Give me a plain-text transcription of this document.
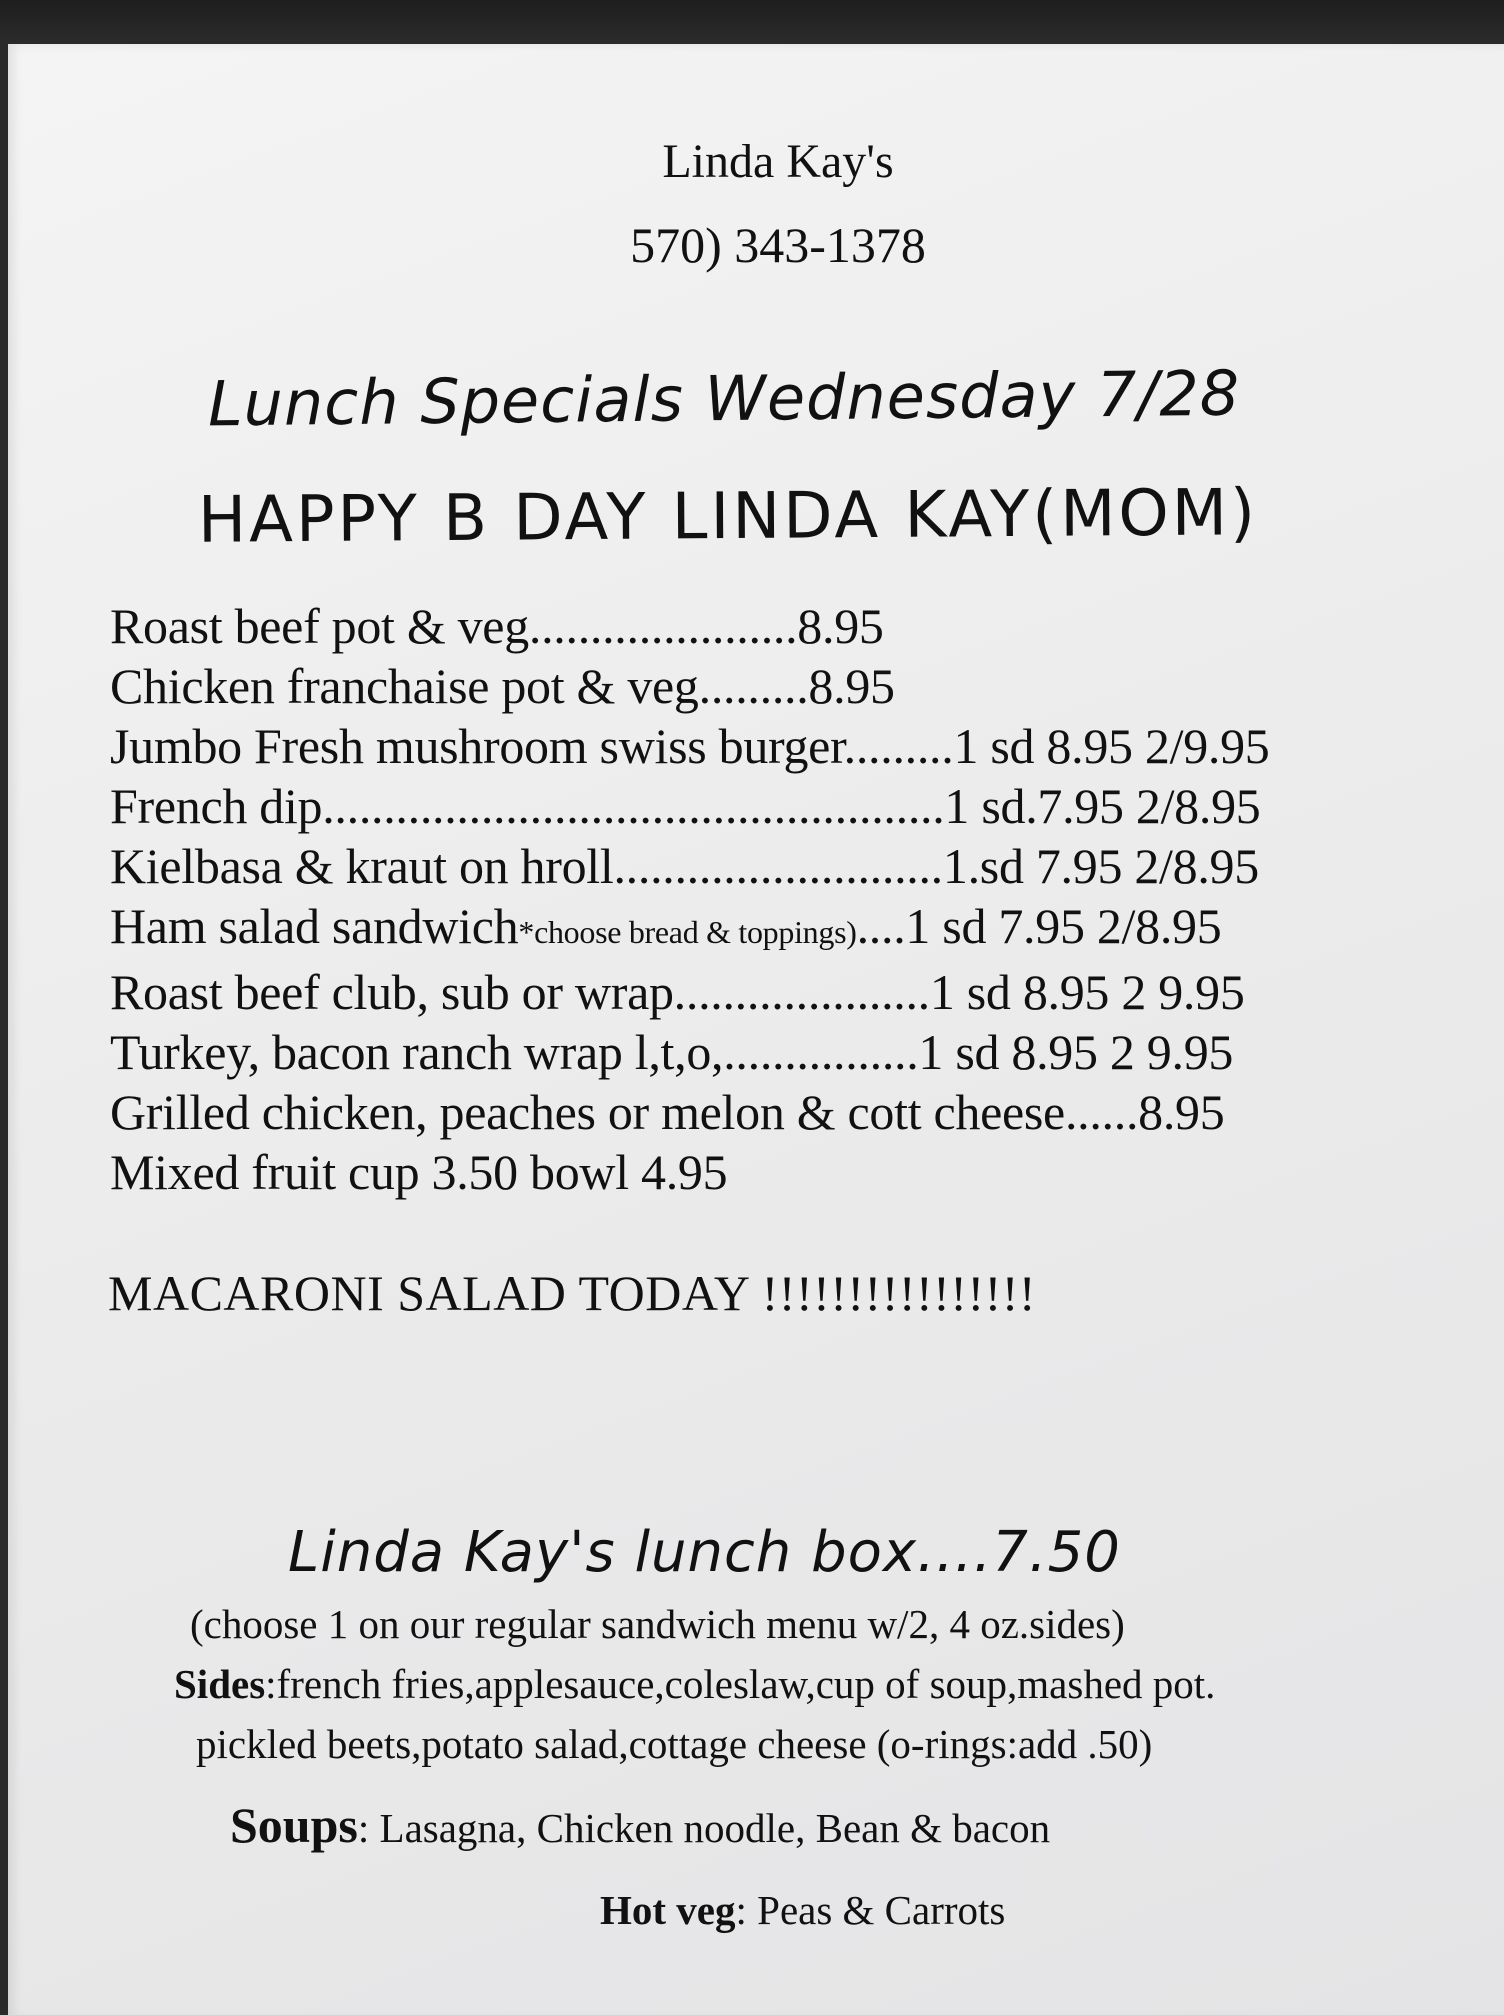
Linda Kay's
570) 343-1378
Lunch Specials Wednesday 7/28
HAPPY B DAY LINDA KAY(MOM)
Roast beef pot & veg......................8.95
Chicken franchaise pot & veg.........8.95
Jumbo Fresh mushroom swiss burger.........1 sd 8.95 2/9.95
French dip...................................................1 sd.7.95 2/8.95
Kielbasa & kraut on hroll...........................1.sd 7.95 2/8.95
Ham salad sandwich*choose bread & toppings)....1 sd 7.95 2/8.95
Roast beef club, sub or wrap.....................1 sd 8.95 2 9.95
Turkey, bacon ranch wrap l,t,o,................1 sd 8.95 2 9.95
Grilled chicken, peaches or melon & cott cheese......8.95
Mixed fruit cup 3.50 bowl 4.95
MACARONI SALAD TODAY !!!!!!!!!!!!!!!!
Linda Kay's lunch box....7.50
(choose 1 on our regular sandwich menu w/2, 4 oz.sides)
Sides:french fries,applesauce,coleslaw,cup of soup,mashed pot.
pickled beets,potato salad,cottage cheese (o-rings:add .50)
Soups: Lasagna, Chicken noodle, Bean & bacon
Hot veg: Peas & Carrots
